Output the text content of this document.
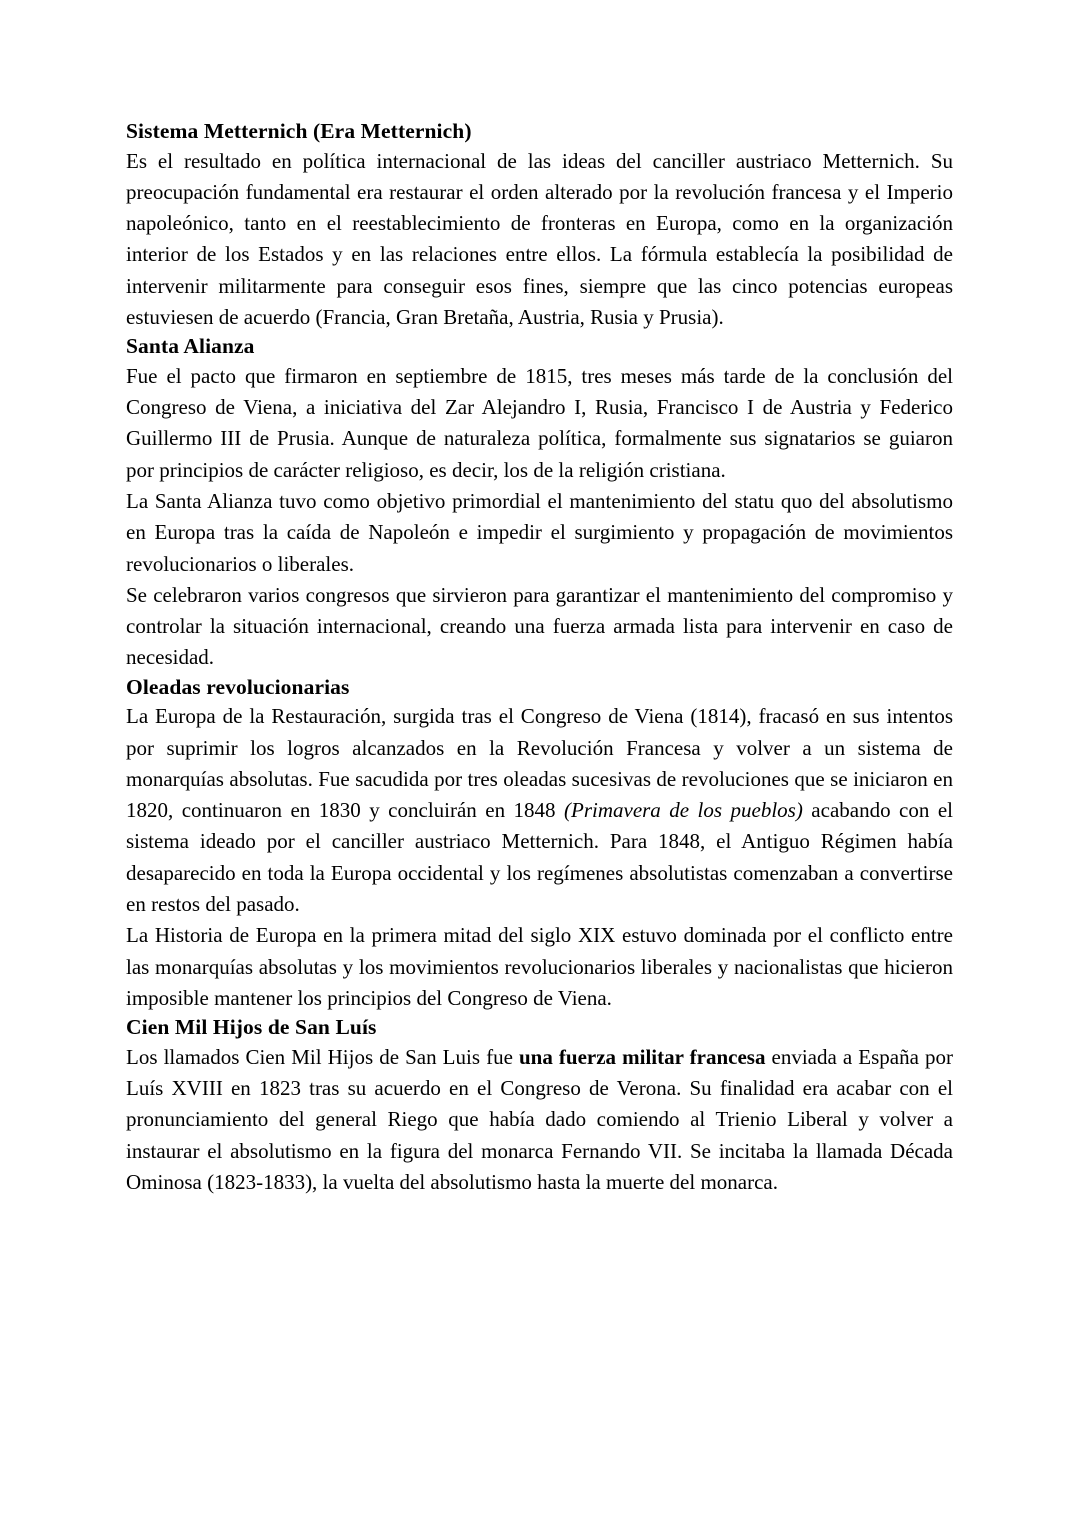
Sistema Metternich (Era Metternich)

Es el resultado en política internacional de las ideas del canciller austriaco Metternich. Su preocupación fundamental era restaurar el orden alterado por la revolución francesa y el Imperio napoleónico, tanto en el reestablecimiento de fronteras en Europa, como en la organización interior de los Estados y en las relaciones entre ellos. La fórmula establecía la posibilidad de intervenir militarmente para conseguir esos fines, siempre que las cinco potencias europeas estuviesen de acuerdo (Francia, Gran Bretaña, Austria, Rusia y Prusia).

Santa Alianza

Fue el pacto que firmaron en septiembre de 1815, tres meses más tarde de la conclusión del Congreso de Viena, a iniciativa del Zar Alejandro I, Rusia, Francisco I de Austria y Federico Guillermo III de Prusia. Aunque de naturaleza política, formalmente sus signatarios se guiaron por principios de carácter religioso, es decir, los de la religión cristiana.

La Santa Alianza tuvo como objetivo primordial el mantenimiento del statu quo del absolutismo en Europa tras la caída de Napoleón e impedir el surgimiento y propagación de movimientos revolucionarios o liberales.

Se celebraron varios congresos que sirvieron para garantizar el mantenimiento del compromiso y controlar la situación internacional, creando una fuerza armada lista para intervenir en caso de necesidad.

Oleadas revolucionarias

La Europa de la Restauración, surgida tras el Congreso de Viena (1814), fracasó en sus intentos por suprimir los logros alcanzados en la Revolución Francesa y volver a un sistema de monarquías absolutas. Fue sacudida por tres oleadas sucesivas de revoluciones que se iniciaron en 1820, continuaron en 1830 y concluirán en 1848 (Primavera de los pueblos) acabando con el sistema ideado por el canciller austriaco Metternich. Para 1848, el Antiguo Régimen había desaparecido en toda la Europa occidental y los regímenes absolutistas comenzaban a convertirse en restos del pasado.

La Historia de Europa en la primera mitad del siglo XIX estuvo dominada por el conflicto entre las monarquías absolutas y los movimientos revolucionarios liberales y nacionalistas que hicieron imposible mantener los principios del Congreso de Viena.

Cien Mil Hijos de San Luís

Los llamados Cien Mil Hijos de San Luis fue una fuerza militar francesa enviada a España por Luís XVIII en 1823 tras su acuerdo en el Congreso de Verona. Su finalidad era acabar con el pronunciamiento del general Riego que había dado comiendo al Trienio Liberal y volver a instaurar el absolutismo en la figura del monarca Fernando VII. Se incitaba la llamada Década Ominosa (1823-1833), la vuelta del absolutismo hasta la muerte del monarca.
